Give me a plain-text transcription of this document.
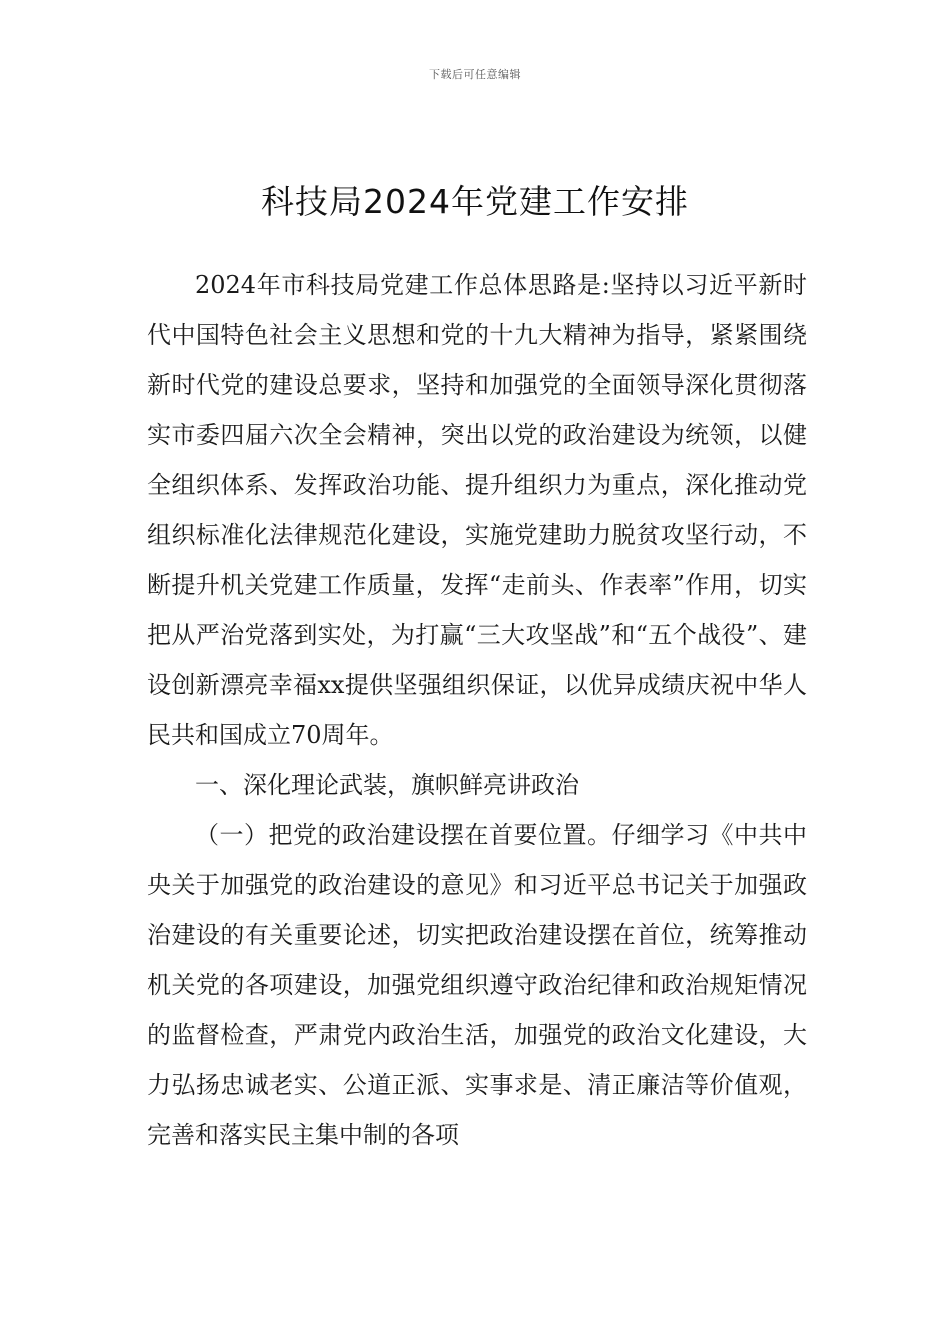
下载后可任意编辑
科技局2024年党建工作安排

2024年市科技局党建工作总体思路是:坚持以习近平新时代中国特色社会主义思想和党的十九大精神为指导，紧紧围绕新时代党的建设总要求，坚持和加强党的全面领导深化贯彻落实市委四届六次全会精神，突出以党的政治建设为统领，以健全组织体系、发挥政治功能、提升组织力为重点，深化推动党组织标准化法律规范化建设，实施党建助力脱贫攻坚行动，不断提升机关党建工作质量，发挥“走前头、作表率”作用，切实把从严治党落到实处，为打赢“三大攻坚战”和“五个战役”、建设创新漂亮幸福xx提供坚强组织保证，以优异成绩庆祝中华人民共和国成立70周年。

一、深化理论武装，旗帜鲜亮讲政治

（一）把党的政治建设摆在首要位置。仔细学习《中共中央关于加强党的政治建设的意见》和习近平总书记关于加强政治建设的有关重要论述，切实把政治建设摆在首位，统筹推动机关党的各项建设，加强党组织遵守政治纪律和政治规矩情况的监督检查，严肃党内政治生活，加强党的政治文化建设，大力弘扬忠诚老实、公道正派、实事求是、清正廉洁等价值观，完善和落实民主集中制的各项
